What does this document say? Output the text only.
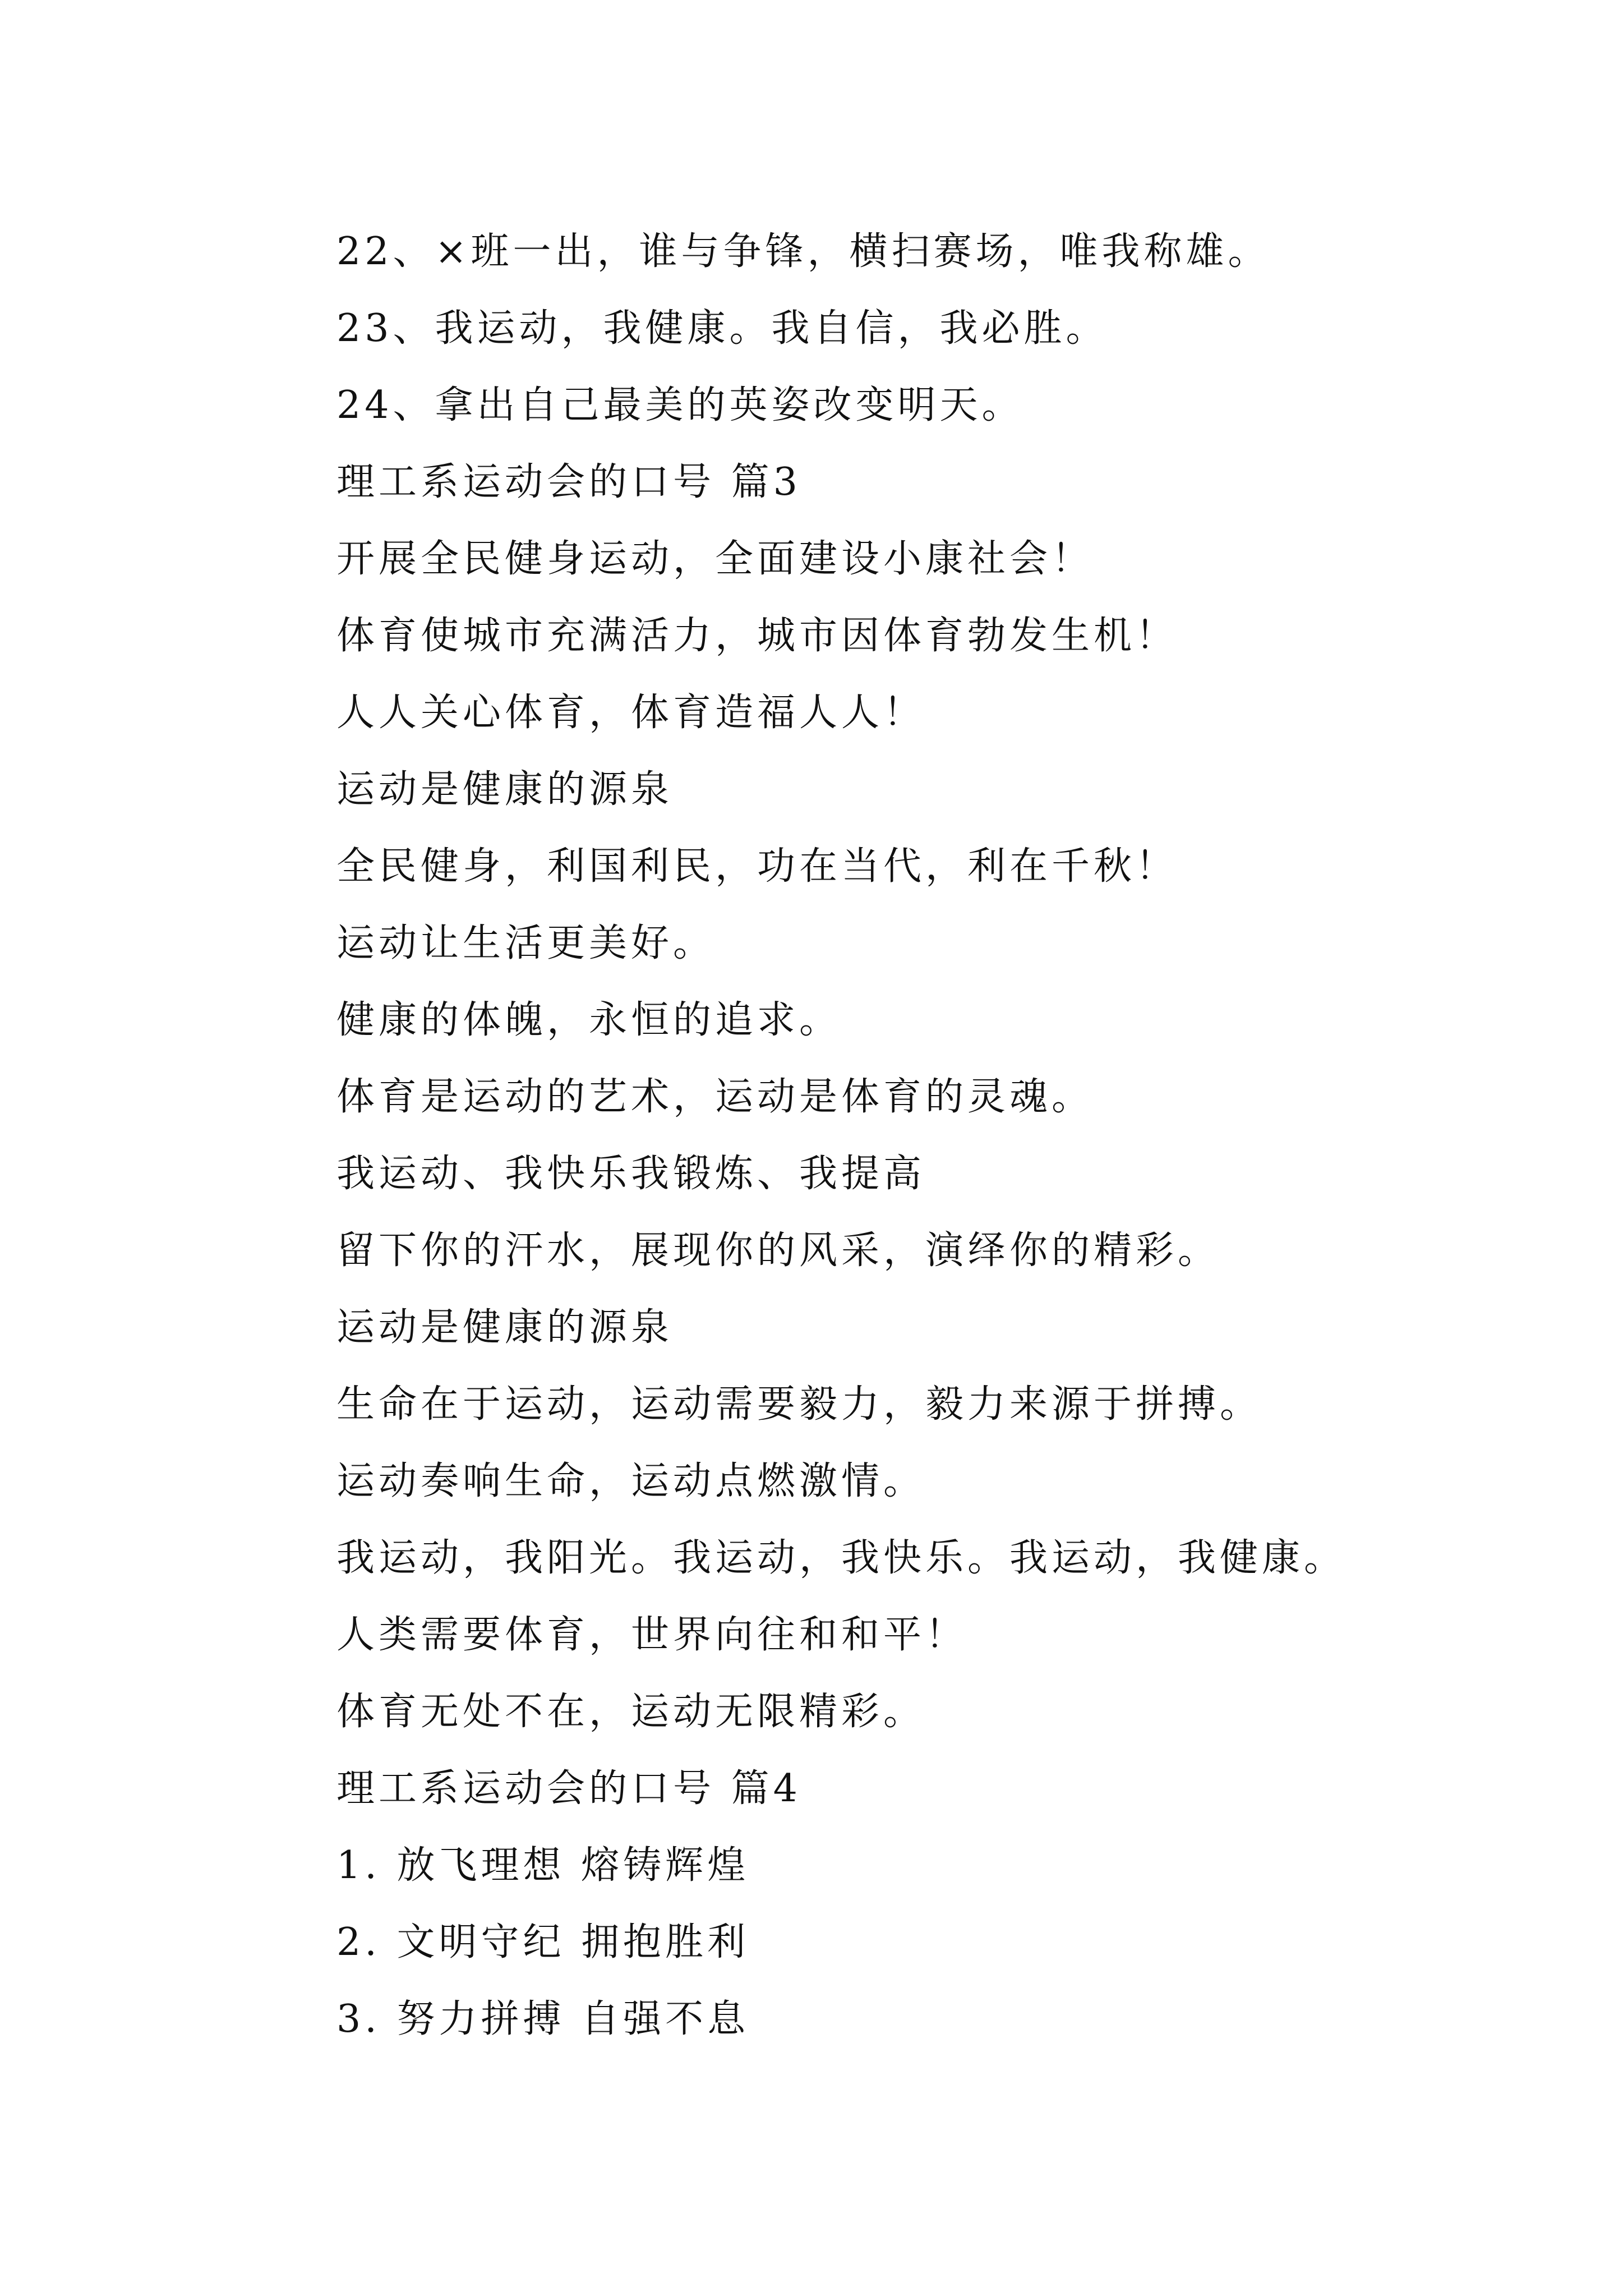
22、×班一出，谁与争锋，横扫赛场，唯我称雄。
23、我运动，我健康。我自信，我必胜。
24、拿出自己最美的英姿改变明天。
理工系运动会的口号 篇3
开展全民健身运动，全面建设小康社会！
体育使城市充满活力，城市因体育勃发生机！
人人关心体育，体育造福人人！
运动是健康的源泉
全民健身，利国利民，功在当代，利在千秋！
运动让生活更美好。
健康的体魄，永恒的追求。
体育是运动的艺术，运动是体育的灵魂。
我运动、我快乐我锻炼、我提高
留下你的汗水，展现你的风采，演绎你的精彩。
运动是健康的源泉
生命在于运动，运动需要毅力，毅力来源于拼搏。
运动奏响生命，运动点燃激情。
我运动，我阳光。我运动，我快乐。我运动，我健康。
人类需要体育，世界向往和和平！
体育无处不在，运动无限精彩。
理工系运动会的口号 篇4
1. 放飞理想 熔铸辉煌
2. 文明守纪 拥抱胜利
3. 努力拼搏 自强不息
